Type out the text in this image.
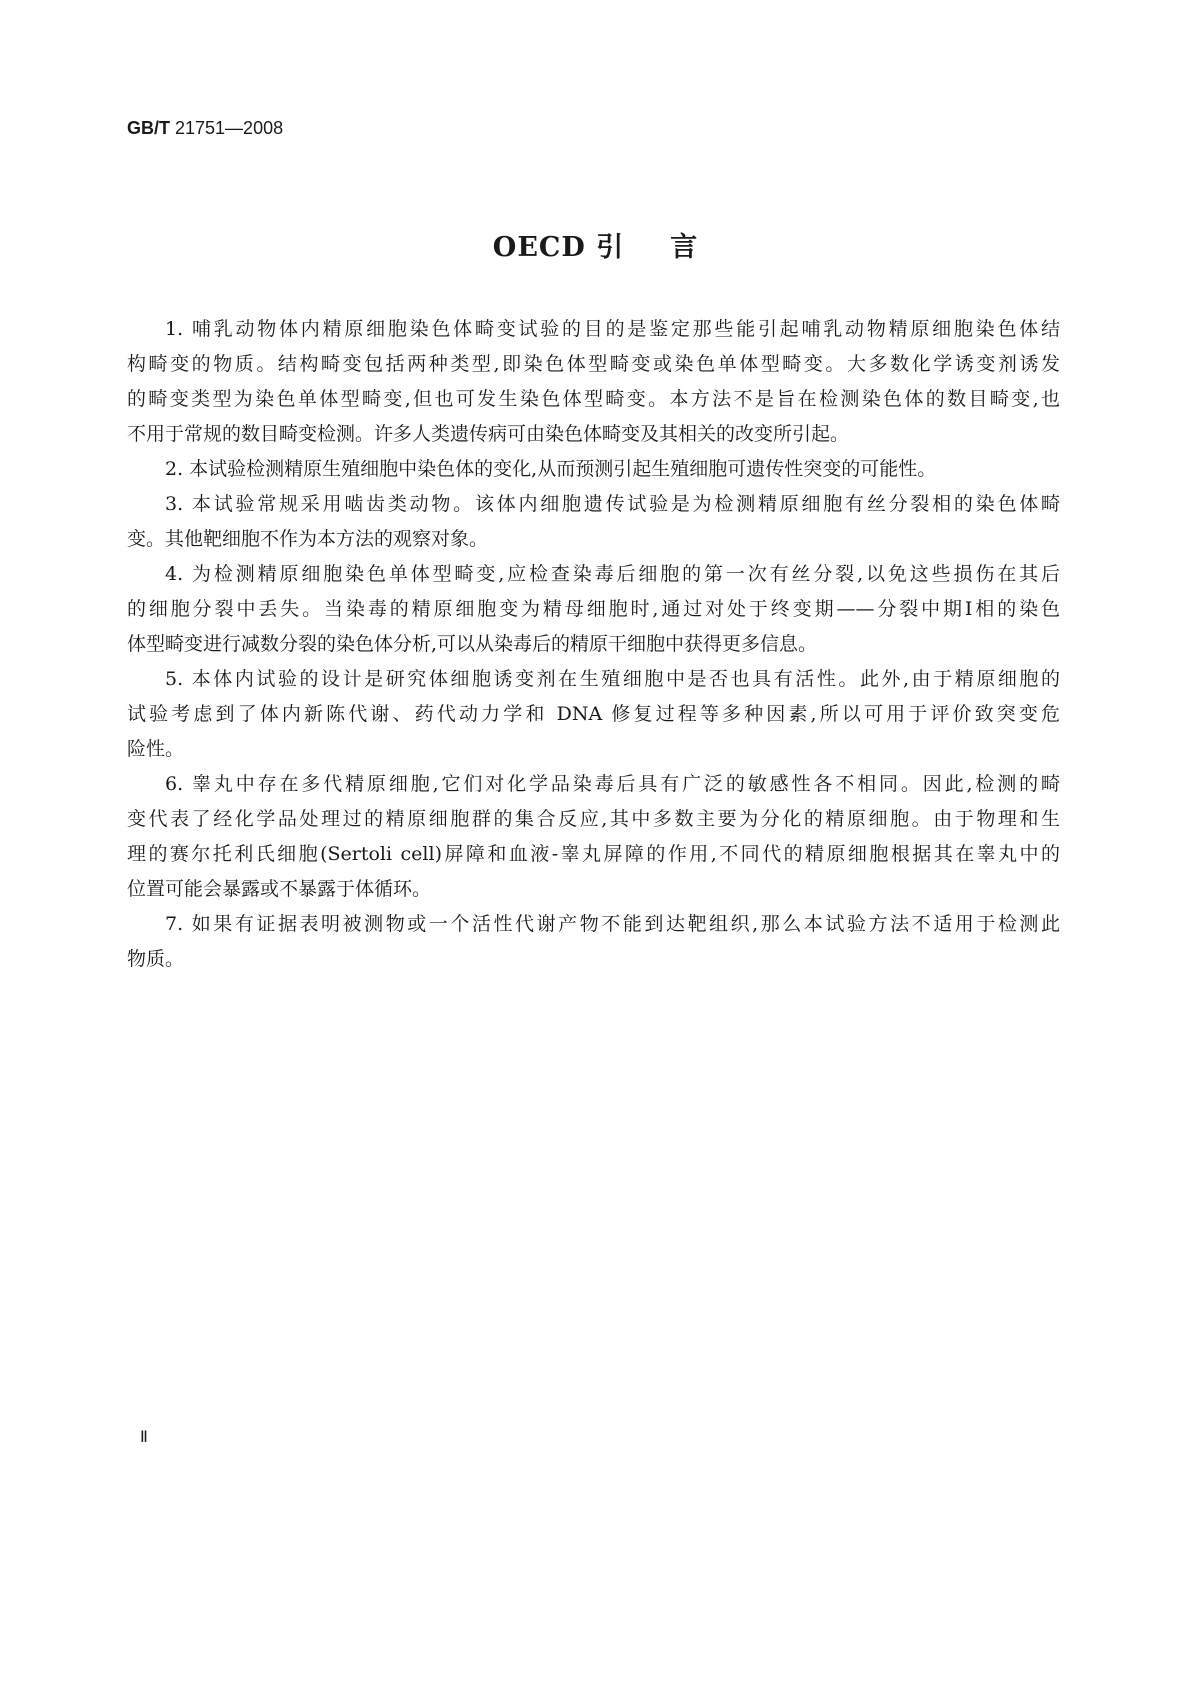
GB/T 21751—2008
OECD 引 言
1. 哺乳动物体内精原细胞染色体畸变试验的目的是鉴定那些能引起哺乳动物精原细胞染色体结
构畸变的物质。结构畸变包括两种类型,即染色体型畸变或染色单体型畸变。大多数化学诱变剂诱发
的畸变类型为染色单体型畸变,但也可发生染色体型畸变。本方法不是旨在检测染色体的数目畸变,也
不用于常规的数目畸变检测。许多人类遗传病可由染色体畸变及其相关的改变所引起。
2. 本试验检测精原生殖细胞中染色体的变化,从而预测引起生殖细胞可遗传性突变的可能性。
3. 本试验常规采用啮齿类动物。该体内细胞遗传试验是为检测精原细胞有丝分裂相的染色体畸
变。其他靶细胞不作为本方法的观察对象。
4. 为检测精原细胞染色单体型畸变,应检查染毒后细胞的第一次有丝分裂,以免这些损伤在其后
的细胞分裂中丢失。当染毒的精原细胞变为精母细胞时,通过对处于终变期——分裂中期Ⅰ相的染色
体型畸变进行减数分裂的染色体分析,可以从染毒后的精原干细胞中获得更多信息。
5. 本体内试验的设计是研究体细胞诱变剂在生殖细胞中是否也具有活性。此外,由于精原细胞的
试验考虑到了体内新陈代谢、药代动力学和 DNA 修复过程等多种因素,所以可用于评价致突变危
险性。
6. 睾丸中存在多代精原细胞,它们对化学品染毒后具有广泛的敏感性各不相同。因此,检测的畸
变代表了经化学品处理过的精原细胞群的集合反应,其中多数主要为分化的精原细胞。由于物理和生
理的赛尔托利氏细胞(Sertoli cell)屏障和血液-睾丸屏障的作用,不同代的精原细胞根据其在睾丸中的
位置可能会暴露或不暴露于体循环。
7. 如果有证据表明被测物或一个活性代谢产物不能到达靶组织,那么本试验方法不适用于检测此
物质。
Ⅱ
